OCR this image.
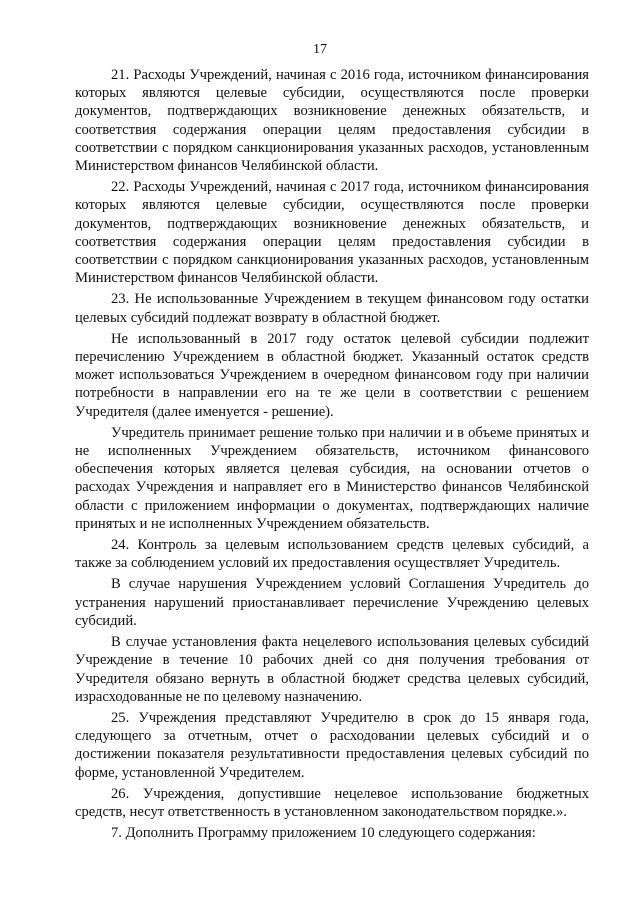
17

21. Расходы Учреждений, начиная с 2016 года, источником финансирования которых являются целевые субсидии, осуществляются после проверки документов, подтверждающих возникновение денежных обязательств, и соответствия содержания операции целям предоставления субсидии в соответствии с порядком санкционирования указанных расходов, установленным Министерством финансов Челябинской области.

22. Расходы Учреждений, начиная с 2017 года, источником финансирования которых являются целевые субсидии, осуществляются после проверки документов, подтверждающих возникновение денежных обязательств, и соответствия содержания операции целям предоставления субсидии в соответствии с порядком санкционирования указанных расходов, установленным Министерством финансов Челябинской области.

23. Не использованные Учреждением в текущем финансовом году остатки целевых субсидий подлежат возврату в областной бюджет.

Не использованный в 2017 году остаток целевой субсидии подлежит перечислению Учреждением в областной бюджет. Указанный остаток средств может использоваться Учреждением в очередном финансовом году при наличии потребности в направлении его на те же цели в соответствии с решением Учредителя (далее именуется - решение).

Учредитель принимает решение только при наличии и в объеме принятых и не исполненных Учреждением обязательств, источником финансового обеспечения которых является целевая субсидия, на основании отчетов о расходах Учреждения и направляет его в Министерство финансов Челябинской области с приложением информации о документах, подтверждающих наличие принятых и не исполненных Учреждением обязательств.

24. Контроль за целевым использованием средств целевых субсидий, а также за соблюдением условий их предоставления осуществляет Учредитель.

В случае нарушения Учреждением условий Соглашения Учредитель до устранения нарушений приостанавливает перечисление Учреждению целевых субсидий.

В случае установления факта нецелевого использования целевых субсидий Учреждение в течение 10 рабочих дней со дня получения требования от Учредителя обязано вернуть в областной бюджет средства целевых субсидий, израсходованные не по целевому назначению.

25. Учреждения представляют Учредителю в срок до 15 января года, следующего за отчетным, отчет о расходовании целевых субсидий и о достижении показателя результативности предоставления целевых субсидий по форме, установленной Учредителем.

26. Учреждения, допустившие нецелевое использование бюджетных средств, несут ответственность в установленном законодательством порядке.».

7. Дополнить Программу приложением 10 следующего содержания:
